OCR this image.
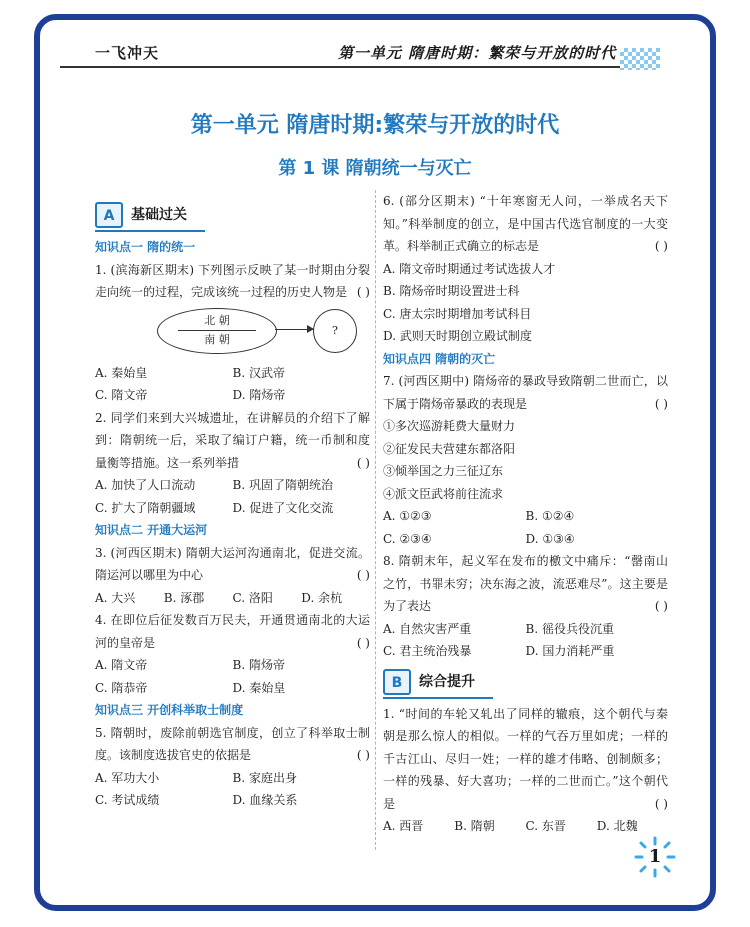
一飞冲天	第一单元 隋唐时期：繁荣与开放的时代
第一单元 隋唐时期:繁荣与开放的时代
第 1 课 隋朝统一与灭亡
A	基础过关
知识点一 隋的统一
1. (滨海新区期末) 下列图示反映了某一时期由分裂走向统一的过程，完成该统一过程的历史人物是 ( )
北 朝
南 朝
?
A. 秦始皇	B. 汉武帝
C. 隋文帝	D. 隋炀帝
2. 同学们来到大兴城遗址，在讲解员的介绍下了解到：隋朝统一后，采取了编订户籍，统一币制和度量衡等措施。这一系列举措	( )
A. 加快了人口流动	B. 巩固了隋朝统治
C. 扩大了隋朝疆域	D. 促进了文化交流
知识点二 开通大运河
3. (河西区期末) 隋朝大运河沟通南北，促进交流。隋运河以哪里为中心	( )
A. 大兴	B. 涿郡	C. 洛阳	D. 余杭
4. 在即位后征发数百万民夫，开通贯通南北的大运河的皇帝是	( )
A. 隋文帝	B. 隋炀帝
C. 隋恭帝	D. 秦始皇
知识点三 开创科举取士制度
5. 隋朝时，废除前朝选官制度，创立了科举取士制度。该制度选拔官史的依据是	( )
A. 军功大小	B. 家庭出身
C. 考试成绩	D. 血缘关系
6. (部分区期末) “十年寒窗无人问，一举成名天下知。”科举制度的创立，是中国古代选官制度的一大变革。科举制正式确立的标志是	( )
A. 隋文帝时期通过考试选拔人才
B. 隋炀帝时期设置进士科
C. 唐太宗时期增加考试科目
D. 武则天时期创立殿试制度
知识点四 隋朝的灭亡
7. (河西区期中) 隋炀帝的暴政导致隋朝二世而亡，以下属于隋炀帝暴政的表现是	( )
①多次巡游耗费大量财力
②征发民夫营建东都洛阳
③倾举国之力三征辽东
④派文臣武将前往流求
A. ①②③	B. ①②④
C. ②③④	D. ①③④
8. 隋朝末年，起义军在发布的檄文中痛斥：“罄南山之竹，书罪未穷；决东海之波，流恶难尽”。这主要是为了表达	( )
A. 自然灾害严重	B. 徭役兵役沉重
C. 君主统治残暴	D. 国力消耗严重
B	综合提升
1. “时间的车轮又轧出了同样的辙痕，这个朝代与秦朝是那么惊人的相似。一样的气吞万里如虎；一样的千古江山、尽归一姓；一样的雄才伟略、创制颇多；一样的残暴、好大喜功；一样的二世而亡。”这个朝代是	( )
A. 西晋	B. 隋朝	C. 东晋	D. 北魏
1
